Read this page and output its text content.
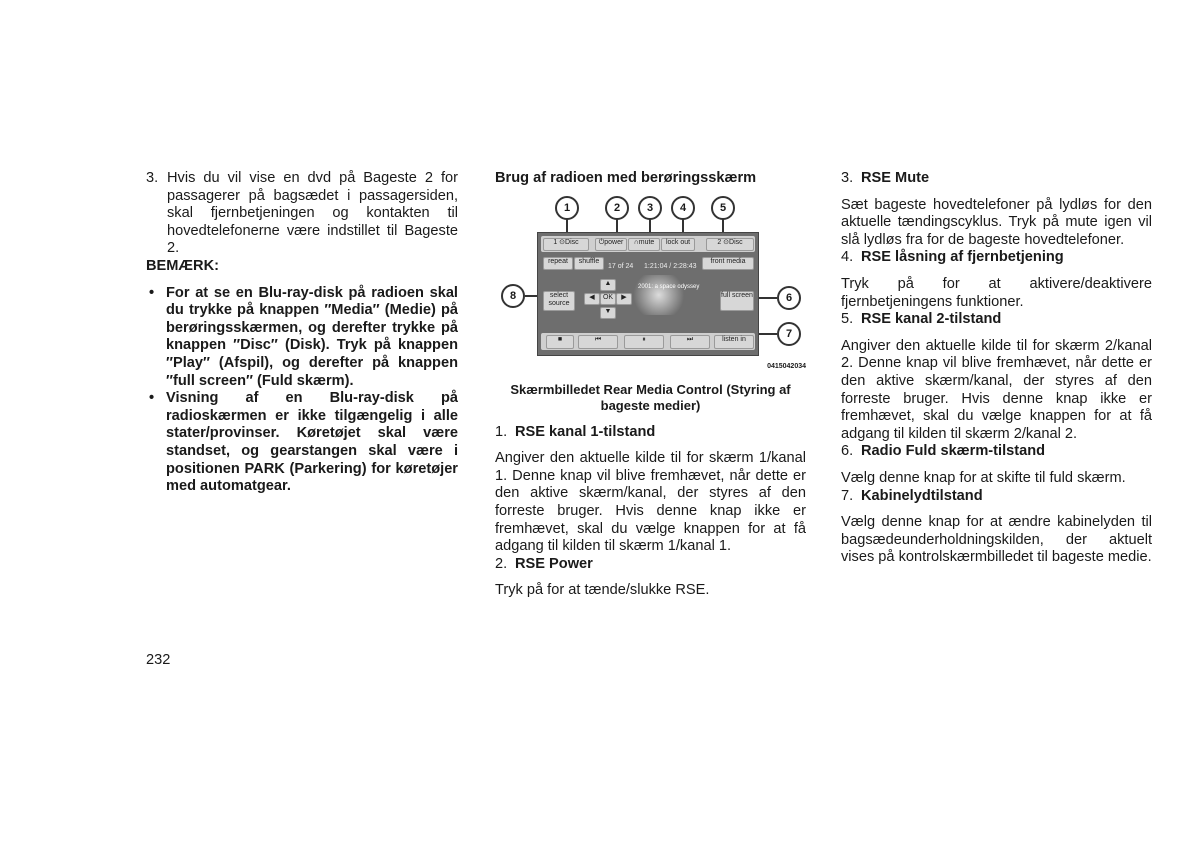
3. Hvis du vil vise en dvd på Bageste 2 for passagerer på bagsædet i passagersiden, skal fjernbetjeningen og kontakten til hovedtelefonerne være indstillet til Bageste 2.

BEMÆRK:

• For at se en Blu-ray-disk på radioen skal du trykke på knappen ″Media″ (Medie) på berøringsskærmen, og derefter trykke på knappen ″Disc″ (Disk). Tryk på knappen ″Play″ (Afspil), og derefter på knappen ″full screen″ (Fuld skærm).

• Visning af en Blu-ray-disk på radioskærmen er ikke tilgængelig i alle stater/provinser. Køretøjet skal være standset, og gearstangen skal være i positionen PARK (Parkering) for køretøjer med automatgear.

Brug af radioen med berøringsskærm

1	2	3	4	5
6
7
8
1 ⊙Disc	⏻power	∩mute	lock out	2 ⊙Disc
repeat	shuffle
17 of 24 1:21:04 / 2:28:43
front media
select source
▲
◀	OK	▶
▼
2001: a space odyssey
full screen
■	⏮	⏸	⏭	listen in
0415042034

Skærmbilledet Rear Media Control (Styring af bageste medier)

1. RSE kanal 1-tilstand

Angiver den aktuelle kilde til for skærm 1/kanal 1. Denne knap vil blive fremhævet, når dette er den aktive skærm/kanal, der styres af den forreste bruger. Hvis denne knap ikke er fremhævet, skal du vælge knappen for at få adgang til kilden til skærm 1/kanal 1.

2. RSE Power

Tryk på for at tænde/slukke RSE.

3. RSE Mute

Sæt bageste hovedtelefoner på lydløs for den aktuelle tændingscyklus. Tryk på mute igen vil slå lydløs fra for de bageste hovedtelefoner.

4. RSE låsning af fjernbetjening

Tryk på for at aktivere/deaktivere fjernbetjeningens funktioner.

5. RSE kanal 2-tilstand

Angiver den aktuelle kilde til for skærm 2/kanal 2. Denne knap vil blive fremhævet, når dette er den aktive skærm/kanal, der styres af den forreste bruger. Hvis denne knap ikke er fremhævet, skal du vælge knappen for at få adgang til kilden til skærm 2/kanal 2.

6. Radio Fuld skærm-tilstand

Vælg denne knap for at skifte til fuld skærm.

7. Kabinelydtilstand

Vælg denne knap for at ændre kabinelyden til bagsædeunderholdningskilden, der aktuelt vises på kontrolskærmbilledet til bageste medie.

232
